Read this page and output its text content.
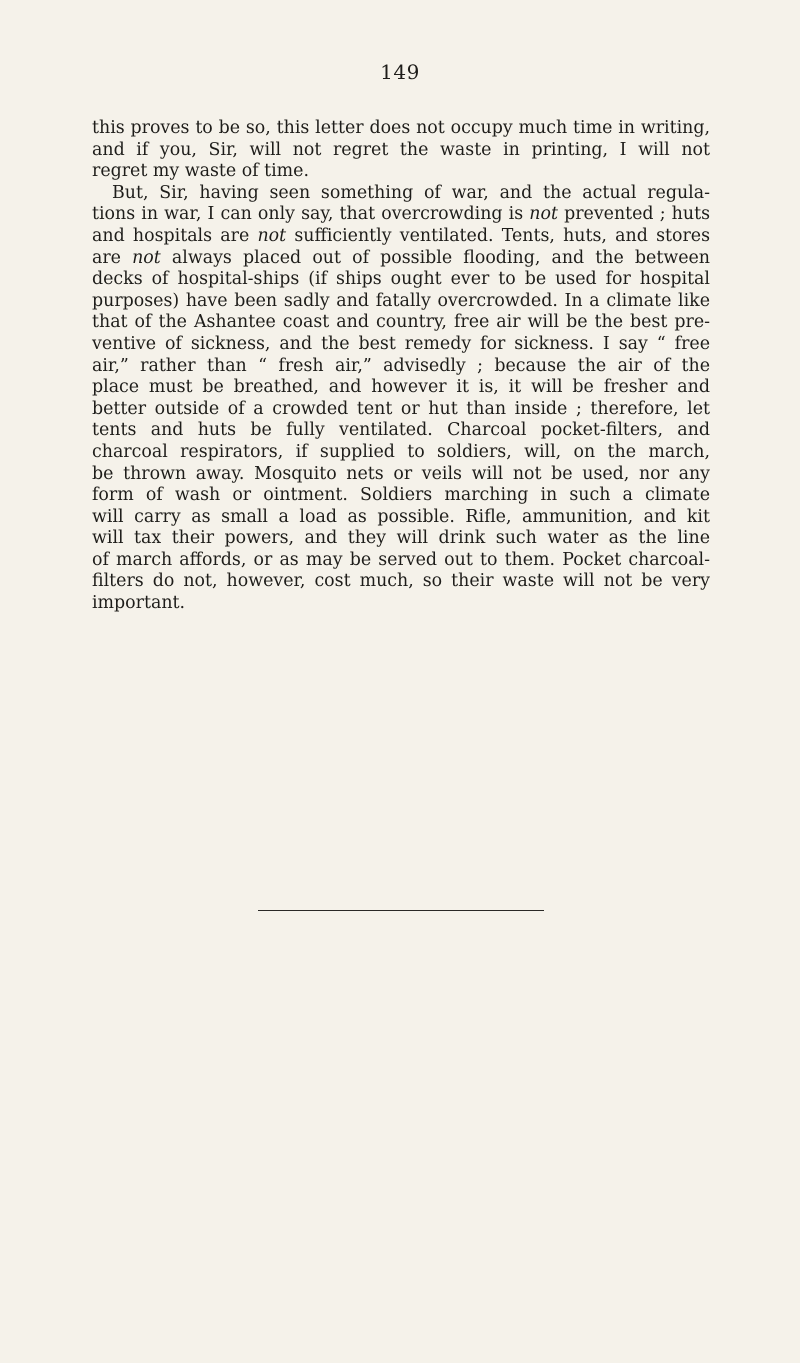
149
this proves to be so, this letter does not occupy much time in writing,
and if you, Sir, will not regret the waste in printing, I will not
regret my waste of time.
But, Sir, having seen something of war, and the actual regula-
tions in war, I can only say, that overcrowding is not prevented ; huts
and hospitals are not sufficiently ventilated. Tents, huts, and stores
are not always placed out of possible flooding, and the between
decks of hospital-ships (if ships ought ever to be used for hospital
purposes) have been sadly and fatally overcrowded. In a climate like
that of the Ashantee coast and country, free air will be the best pre-
ventive of sickness, and the best remedy for sickness. I say “ free
air,” rather than “ fresh air,” advisedly ; because the air of the
place must be breathed, and however it is, it will be fresher and
better outside of a crowded tent or hut than inside ; therefore, let
tents and huts be fully ventilated. Charcoal pocket-filters, and
charcoal respirators, if supplied to soldiers, will, on the march,
be thrown away. Mosquito nets or veils will not be used, nor any
form of wash or ointment. Soldiers marching in such a climate
will carry as small a load as possible. Rifle, ammunition, and kit
will tax their powers, and they will drink such water as the line
of march affords, or as may be served out to them. Pocket charcoal-
filters do not, however, cost much, so their waste will not be very
important.
